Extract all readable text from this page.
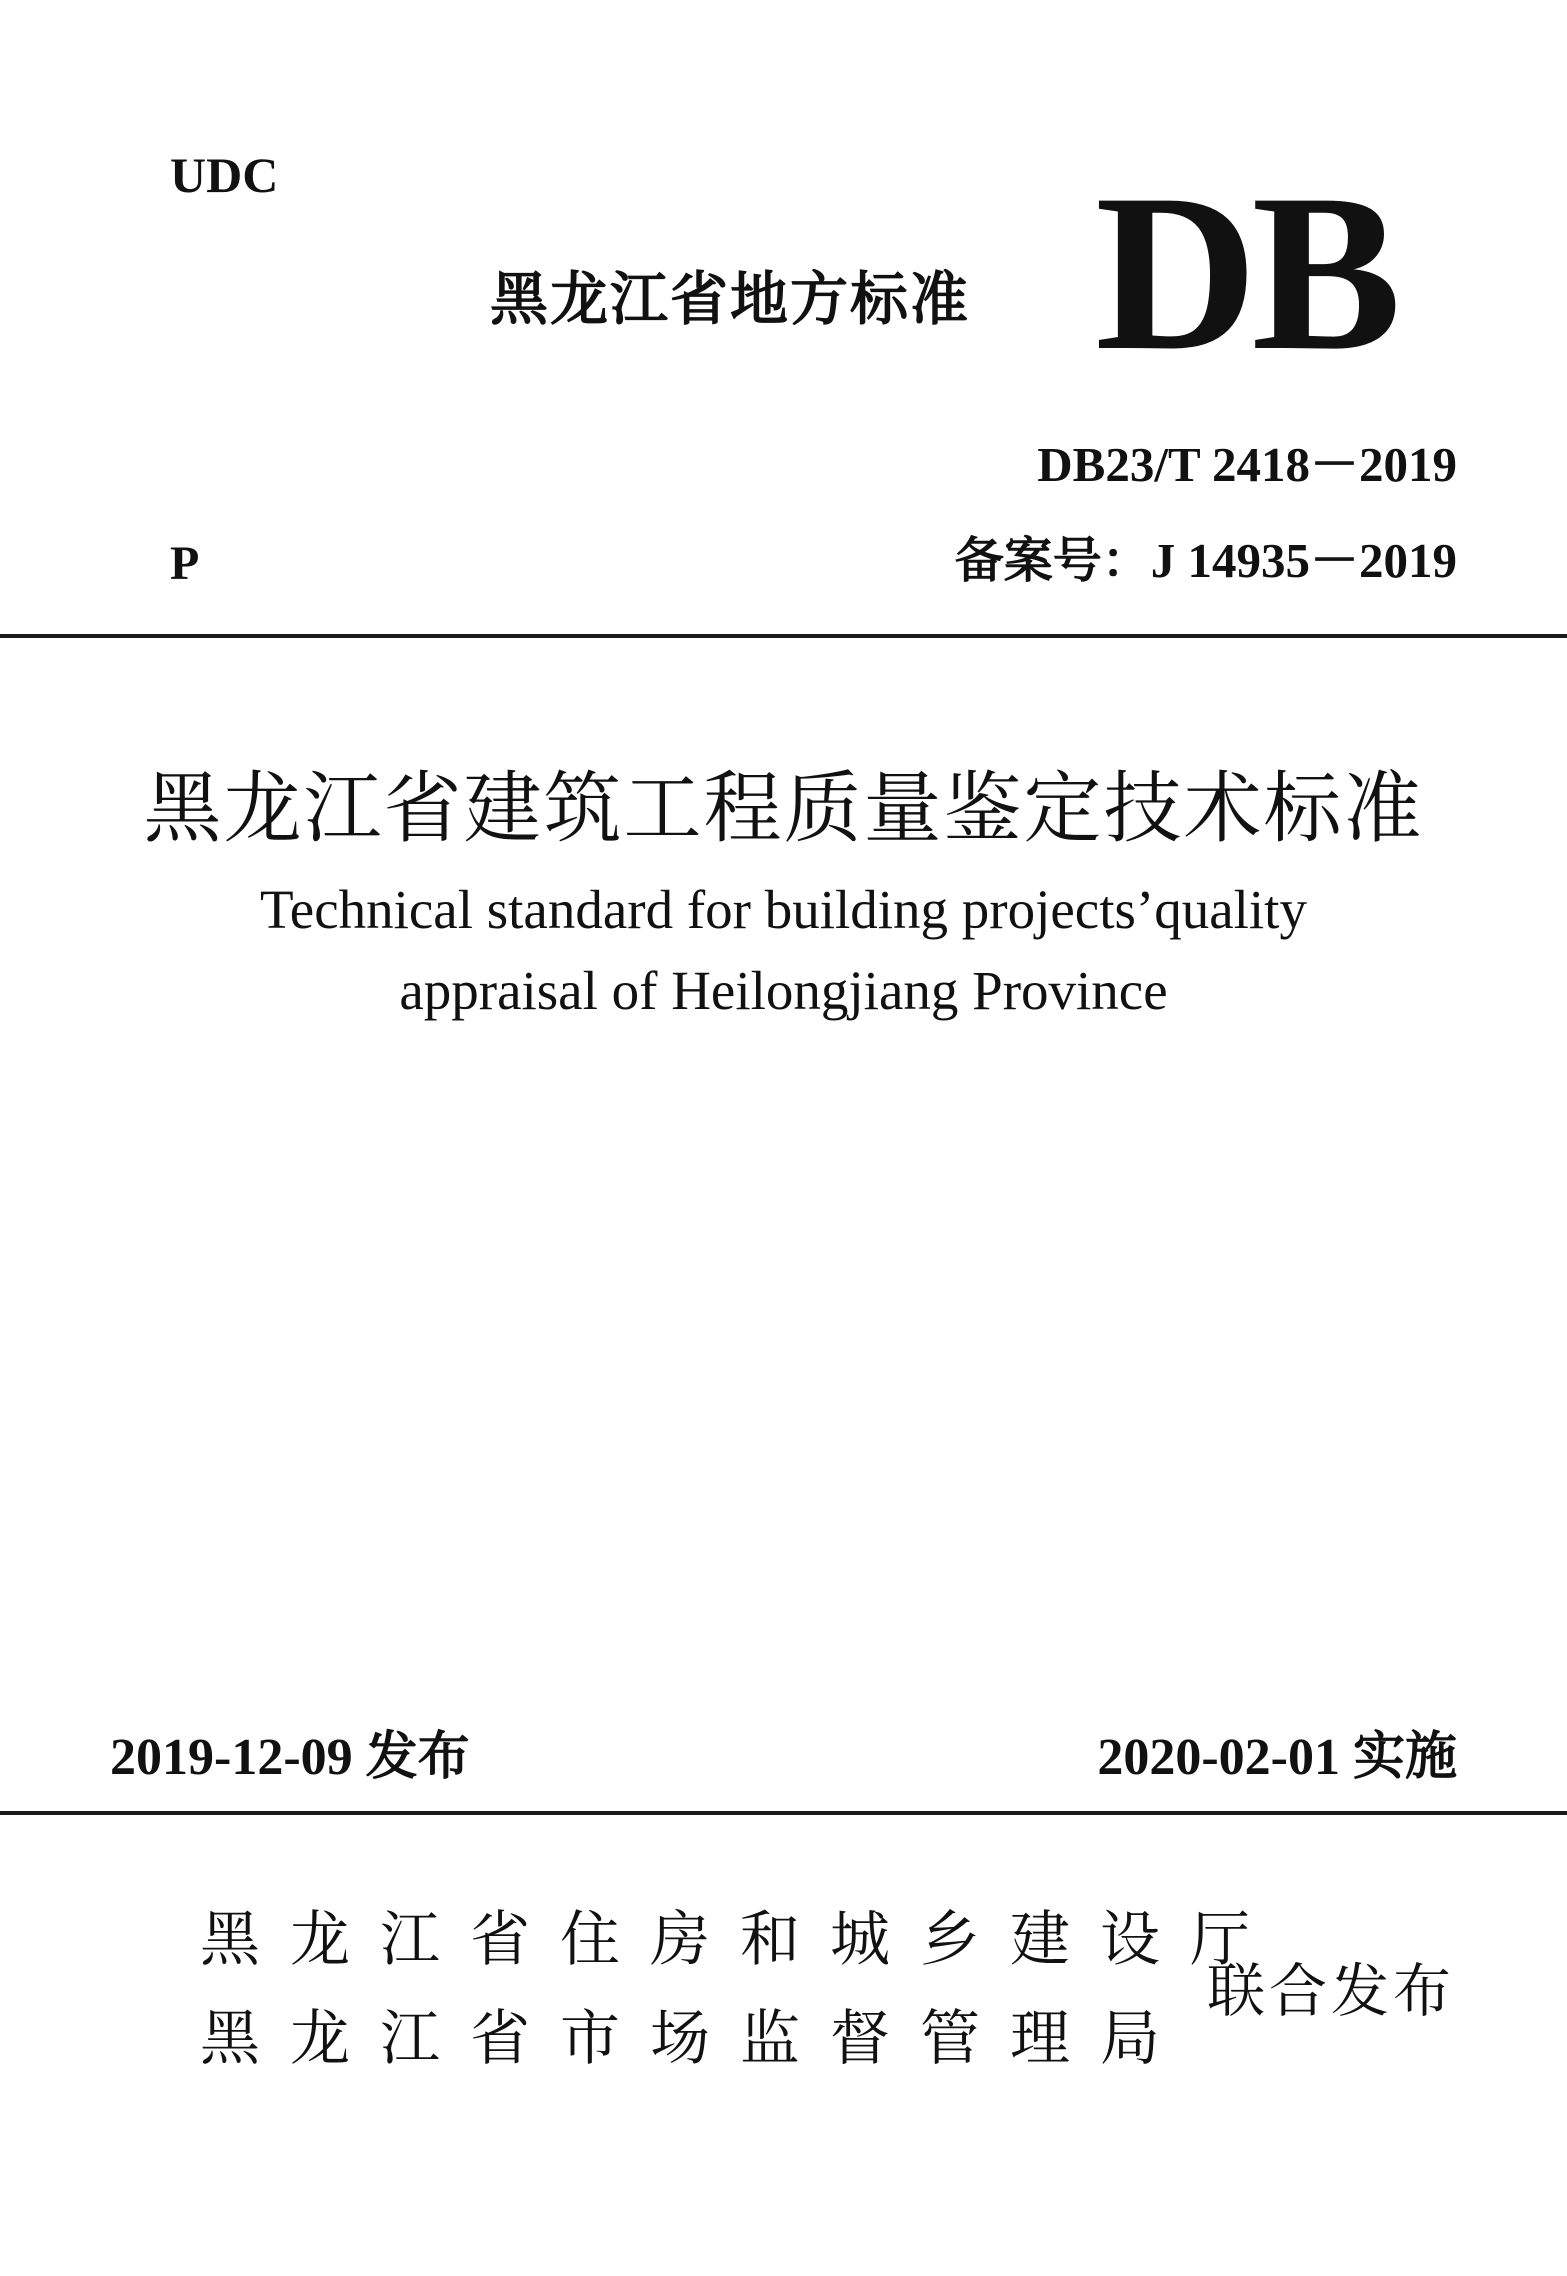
UDC
黑龙江省地方标准 DB
DB23/T 2418－2019
P	备案号：J 14935－2019
黑龙江省建筑工程质量鉴定技术标准
Technical standard for building projects’quality
appraisal of Heilongjiang Province
2019-12-09 发布	2020-02-01 实施
黑龙江省住房和城乡建设厅
黑龙江省市场监督管理局
联合发布
